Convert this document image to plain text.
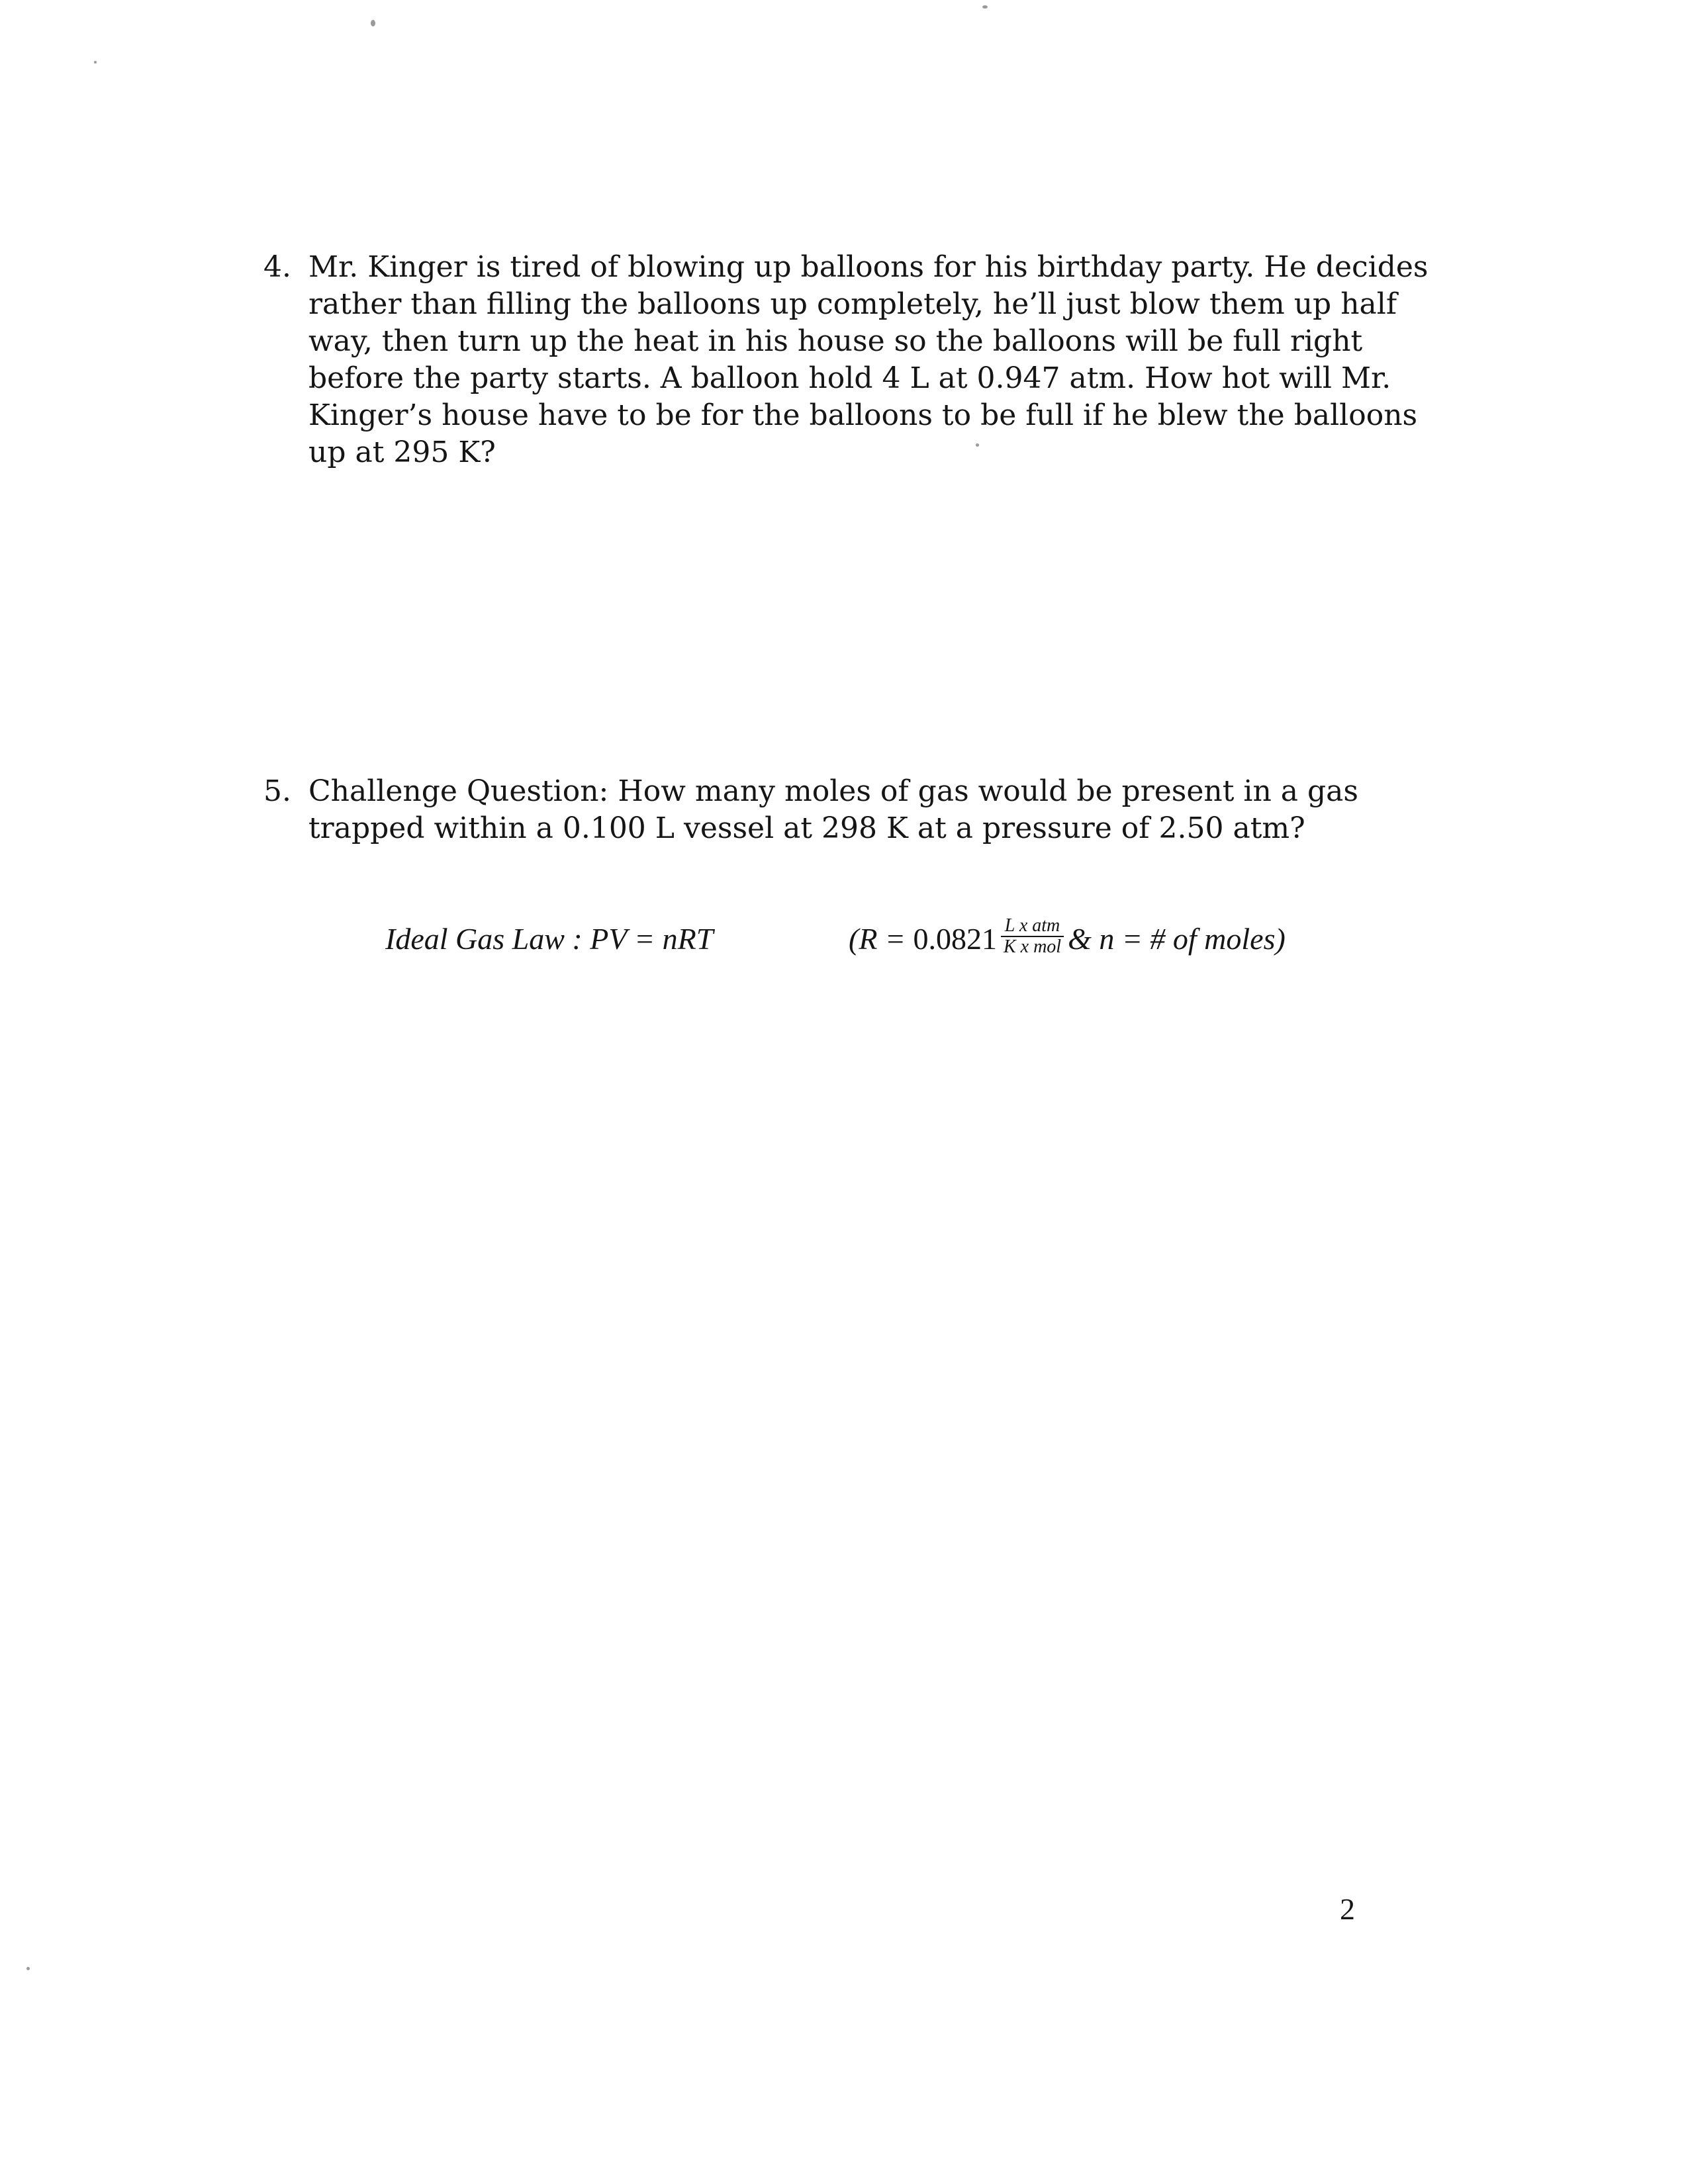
4. Mr. Kinger is tired of blowing up balloons for his birthday party. He decides
rather than filling the balloons up completely, he’ll just blow them up half
way, then turn up the heat in his house so the balloons will be full right
before the party starts. A balloon hold 4 L at 0.947 atm. How hot will Mr.
Kinger’s house have to be for the balloons to be full if he blew the balloons
up at 295 K?
5. Challenge Question: How many moles of gas would be present in a gas
trapped within a 0.100 L vessel at 298 K at a pressure of 2.50 atm?
Ideal Gas Law : PV = nRT	($R = 0.0821 \frac{\text{L x atm}}{\text{K x mol}}$ & n = # of moles)
2
